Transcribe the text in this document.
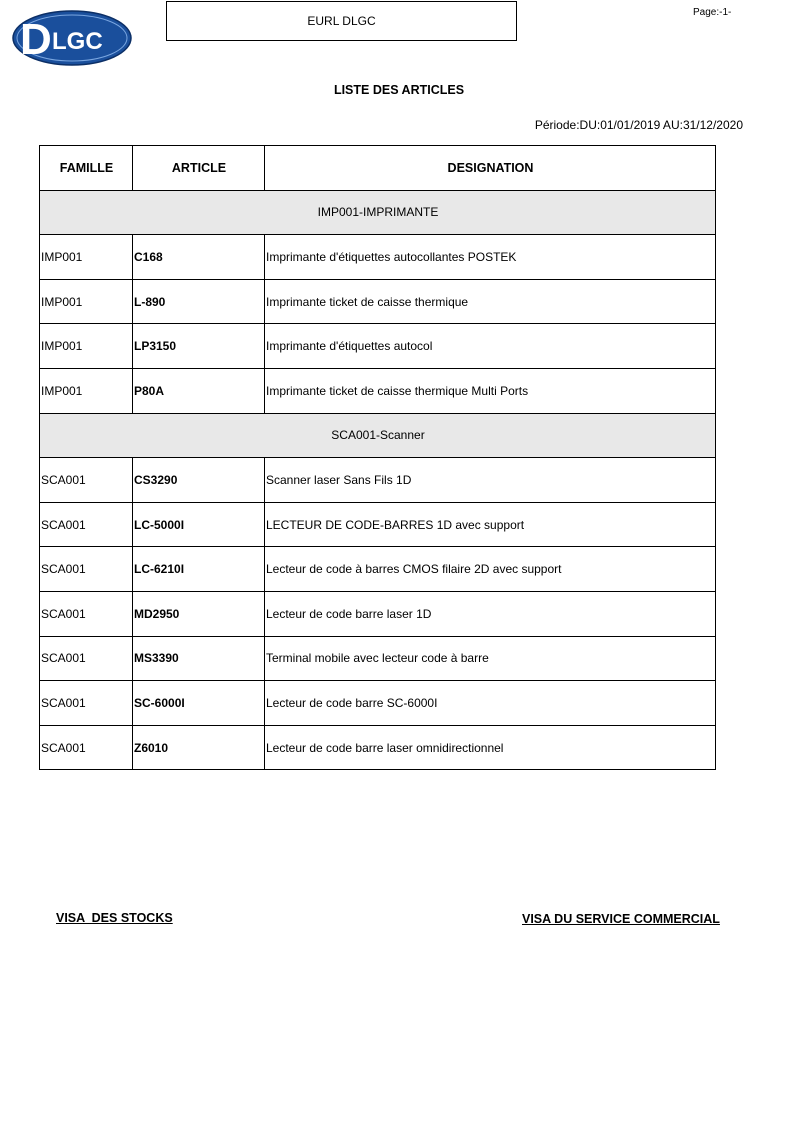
D LGC
EURL DLGC
Page:-1-
LISTE DES ARTICLES
Période:DU:01/01/2019 AU:31/12/2020
FAMILLE	ARTICLE	DESIGNATION
IMP001-IMPRIMANTE		
IMP001	C168	Imprimante d'étiquettes autocollantes POSTEK
IMP001	L-890	Imprimante ticket de caisse thermique
IMP001	LP3150	Imprimante d'étiquettes autocol
IMP001	P80A	Imprimante ticket de caisse thermique Multi Ports
SCA001-Scanner		
SCA001	CS3290	Scanner laser Sans Fils 1D
SCA001	LC-5000I	LECTEUR DE CODE-BARRES 1D avec support
SCA001	LC-6210I	Lecteur de code à barres CMOS filaire 2D avec support
SCA001	MD2950	Lecteur de code barre laser 1D
SCA001	MS3390	Terminal mobile avec lecteur code à barre
SCA001	SC-6000I	Lecteur de code barre SC-6000I
SCA001	Z6010	Lecteur de code barre laser omnidirectionnel
VISA  DES STOCKS	VISA DU SERVICE COMMERCIAL
